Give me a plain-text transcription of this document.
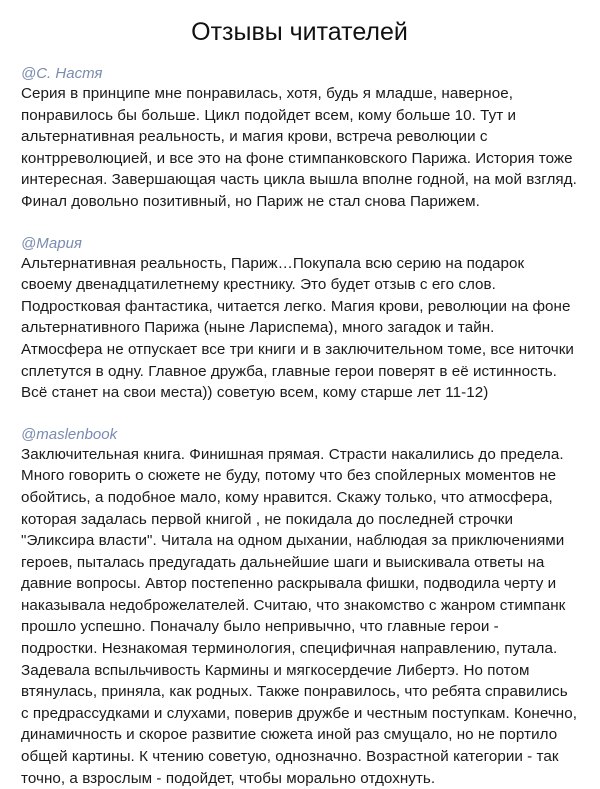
Отзывы читателей

@С. Настя

Серия в принципе мне понравилась, хотя, будь я младше, наверное, понравилось бы больше. Цикл подойдет всем, кому больше 10. Тут и альтернативная реальность, и магия крови, встреча революции с контрреволюцией, и все это на фоне стимпанковского Парижа. История тоже интересная. Завершающая часть цикла вышла вполне годной, на мой взгляд. Финал довольно позитивный, но Париж не стал снова Парижем.

@Мария

Альтернативная реальность, Париж…Покупала всю серию на подарок своему двенадцатилетнему крестнику. Это будет отзыв с его слов.

Подростковая фантастика, читается легко. Магия крови, революции на фоне альтернативного Парижа (ныне Лариспема), много загадок и тайн. Атмосфера не отпускает все три книги и в заключительном томе, все ниточки сплетутся в одну. Главное дружба, главные герои поверят в её истинность. Всё станет на свои места)) советую всем, кому старше лет 11-12)

@maslenbook

Заключительная книга. Финишная прямая. Страсти накалились до предела. Много говорить о сюжете не буду, потому что без спойлерных моментов не обойтись, а подобное мало, кому нравится. Скажу только, что атмосфера, которая задалась первой книгой , не покидала до последней строчки "Эликсира власти". Читала на одном дыхании, наблюдая за приключениями героев, пыталась предугадать дальнейшие шаги и выискивала ответы на давние вопросы. Автор постепенно раскрывала фишки, подводила черту и наказывала недоброжелателей. Считаю, что знакомство с жанром стимпанк прошло успешно. Поначалу было непривычно, что главные герои - подростки. Незнакомая терминология, специфичная направлению, путала. Задевала вспыльчивость Кармины и мягкосердечие Либертэ. Но потом втянулась, приняла, как родных. Также понравилось, что ребята справились с предрассудками и слухами, поверив дружбе и честным поступкам. Конечно, динамичность и скорое развитие сюжета иной раз смущало, но не портило общей картины. К чтению советую, однозначно. Возрастной категории - так точно, а взрослым - подойдет, чтобы морально отдохнуть.
